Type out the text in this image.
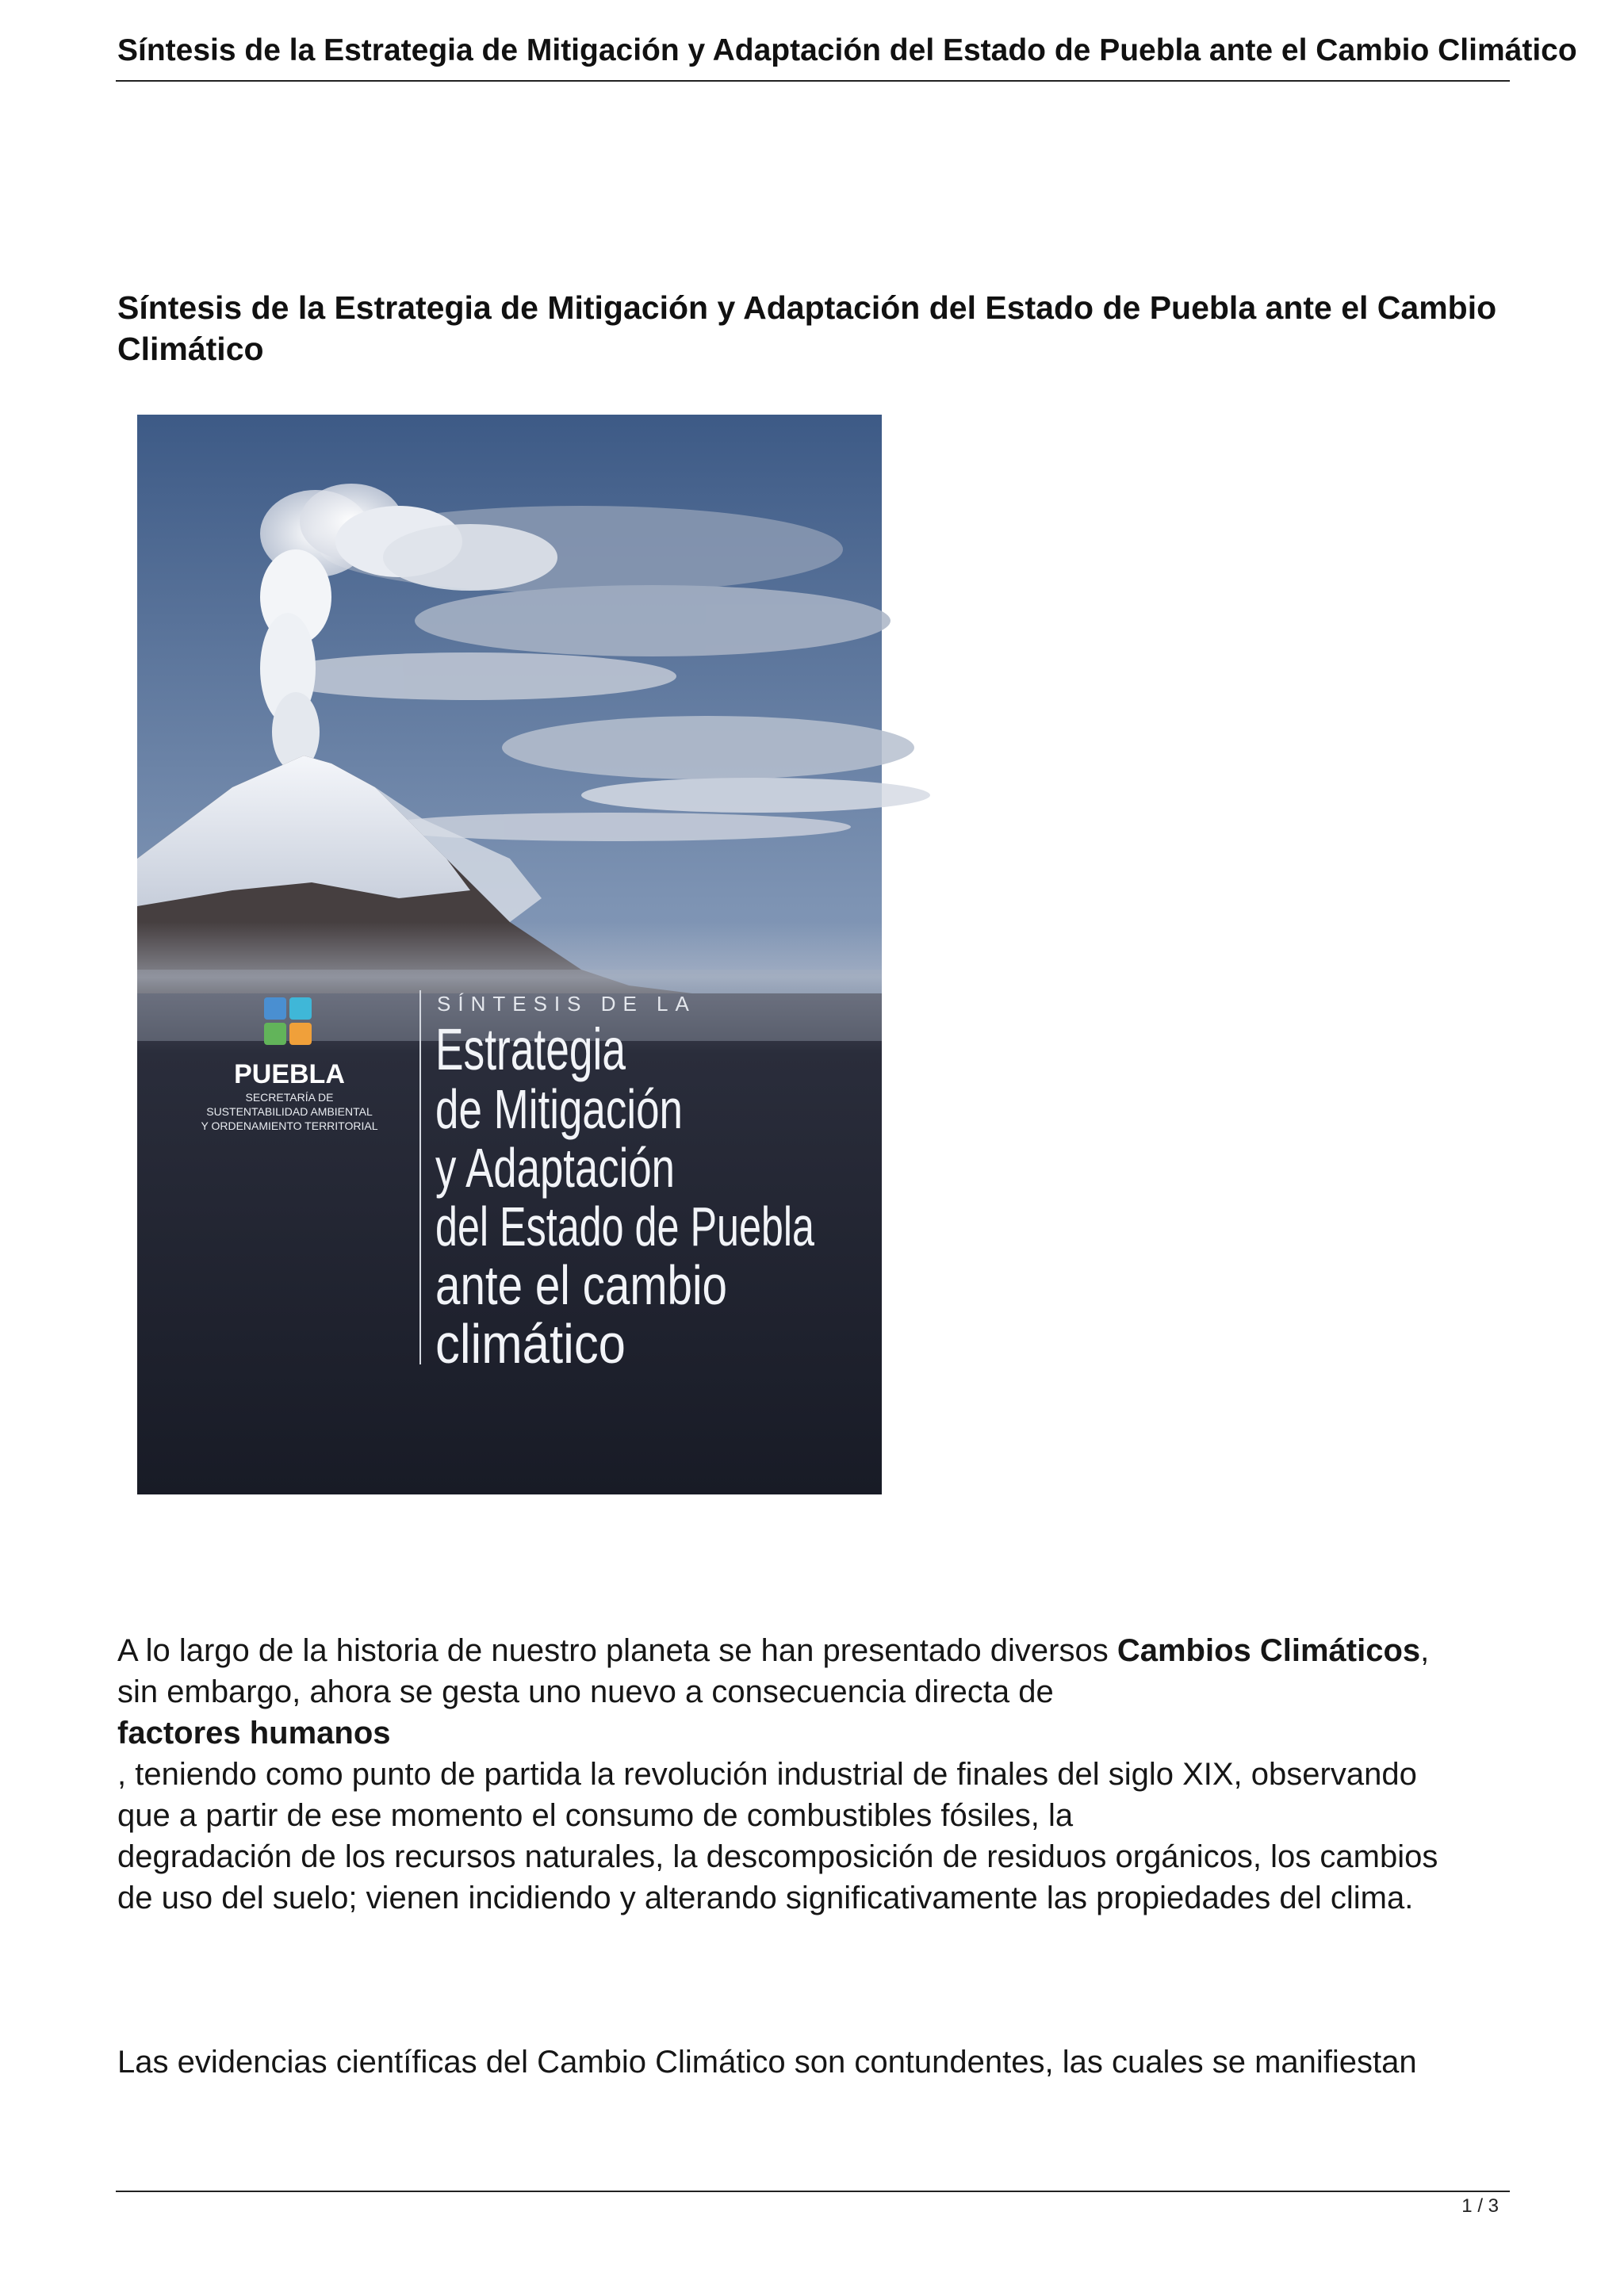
Síntesis de la Estrategia de Mitigación y Adaptación del Estado de Puebla ante el Cambio Climático
Síntesis de la Estrategia de Mitigación y Adaptación del Estado de Puebla ante el Cambio Climático
PUEBLA
SECRETARÍA DE
SUSTENTABILIDAD AMBIENTAL
Y ORDENAMIENTO TERRITORIAL
SÍNTESIS DE LA
Estrategia
de Mitigación
y Adaptación
del Estado de Puebla
ante el cambio
climático
A lo largo de la historia de nuestro planeta se han presentado diversos Cambios Climáticos,
sin embargo, ahora se gesta uno nuevo a consecuencia directa de
factores humanos
, teniendo como punto de partida la revolución industrial de finales del siglo XIX, observando
que a partir de ese momento el consumo de combustibles fósiles, la
degradación de los recursos naturales, la descomposición de residuos orgánicos, los cambios
de uso del suelo; vienen incidiendo y alterando significativamente las propiedades del clima.
Las evidencias científicas del Cambio Climático son contundentes, las cuales se manifiestan
1 / 3
